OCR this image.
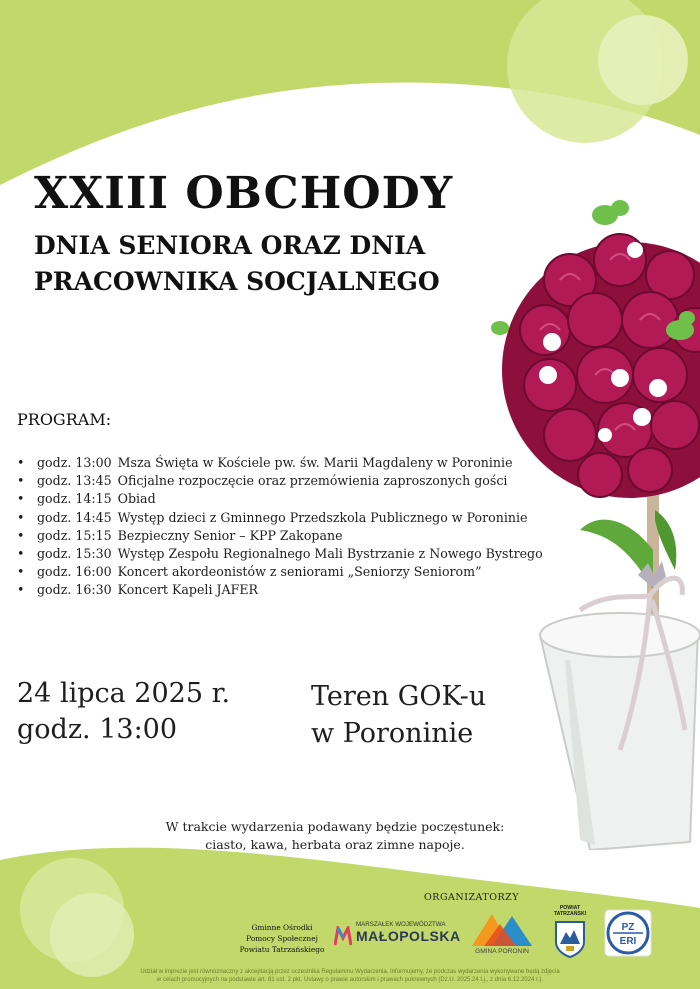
XXIII OBCHODY
DNIA SENIORA ORAZ DNIA
PRACOWNIKA SOCJALNEGO
PROGRAM:
• godz. 13:00 Msza Święta w Kościele pw. św. Marii Magdaleny w Poroninie
• godz. 13:45 Oficjalne rozpoczęcie oraz przemówienia zaproszonych gości
• godz. 14:15 Obiad
• godz. 14:45 Występ dzieci z Gminnego Przedszkola Publicznego w Poroninie
• godz. 15:15 Bezpieczny Senior – KPP Zakopane
• godz. 15:30 Występ Zespołu Regionalnego Mali Bystrzanie z Nowego Bystrego
• godz. 16:00 Koncert akordeonistów z seniorami „Seniorzy Seniorom”
• godz. 16:30 Koncert Kapeli JAFER
24 lipca 2025 r.
godz. 13:00
Teren GOK-u
w Poroninie
W trakcie wydarzenia podawany będzie poczęstunek:
ciasto, kawa, herbata oraz zimne napoje.
ORGANIZATORZY
Gminne Ośrodki
Pomocy Społecznej
Powiatu Tatrzańskiego
MARSZAŁEK WOJEWÓDZTWA
MAŁOPOLSKA
GMINA PORONIN
POWIAT
TATRZAŃSKI
PZ
ERI
Udział w imprezie jest równoznaczny z akceptacją przez uczestnika Regulaminu Wydarzenia. Informujemy, że podczas wydarzenia wykonywane będą zdjęcia
w celach promocyjnych na podstawie art. 81 ust. 2 pkt. Ustawy o prawie autorskim i prawach pokrewnych (Dz.U. 2025.24 t.j., z dnia 6.12.2024 r.).
